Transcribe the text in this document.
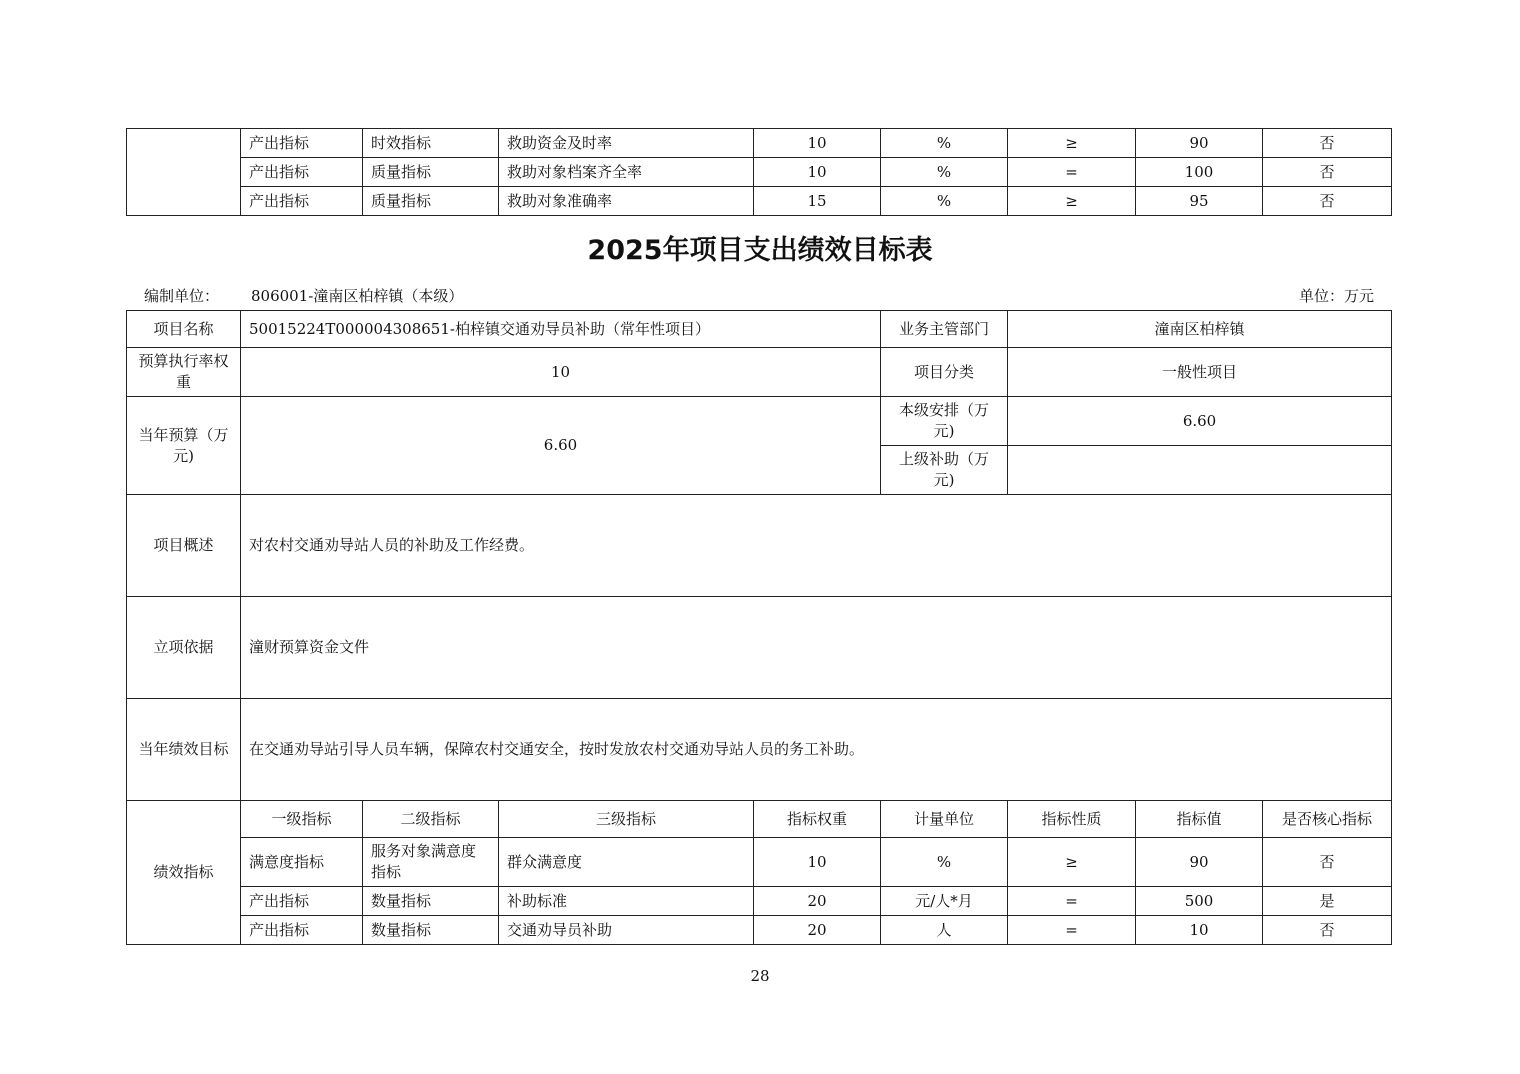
	产出指标	时效指标	救助资金及时率	10	%	≥	90	否
	产出指标	质量指标	救助对象档案齐全率	10	%	=	100	否
	产出指标	质量指标	救助对象准确率	15	%	≥	95	否
2025年项目支出绩效目标表
编制单位： 806001-潼南区柏梓镇（本级）	单位：万元
项目名称	50015224T000004308651-柏梓镇交通劝导员补助（常年性项目）				业务主管部门	潼南区柏梓镇		
预算执行率权重	10				项目分类	一般性项目		
当年预算（万元)	6.60				本级安排（万元)	6.60		
					上级补助（万元)			
项目概述	对农村交通劝导站人员的补助及工作经费。							
立项依据	潼财预算资金文件							
当年绩效目标	在交通劝导站引导人员车辆，保障农村交通安全，按时发放农村交通劝导站人员的务工补助。							
绩效指标	一级指标	二级指标	三级指标	指标权重	计量单位	指标性质	指标值	是否核心指标
	满意度指标	服务对象满意度指标	群众满意度	10	%	≥	90	否
	产出指标	数量指标	补助标准	20	元/人*月	=	500	是
	产出指标	数量指标	交通劝导员补助	20	人	=	10	否
28
